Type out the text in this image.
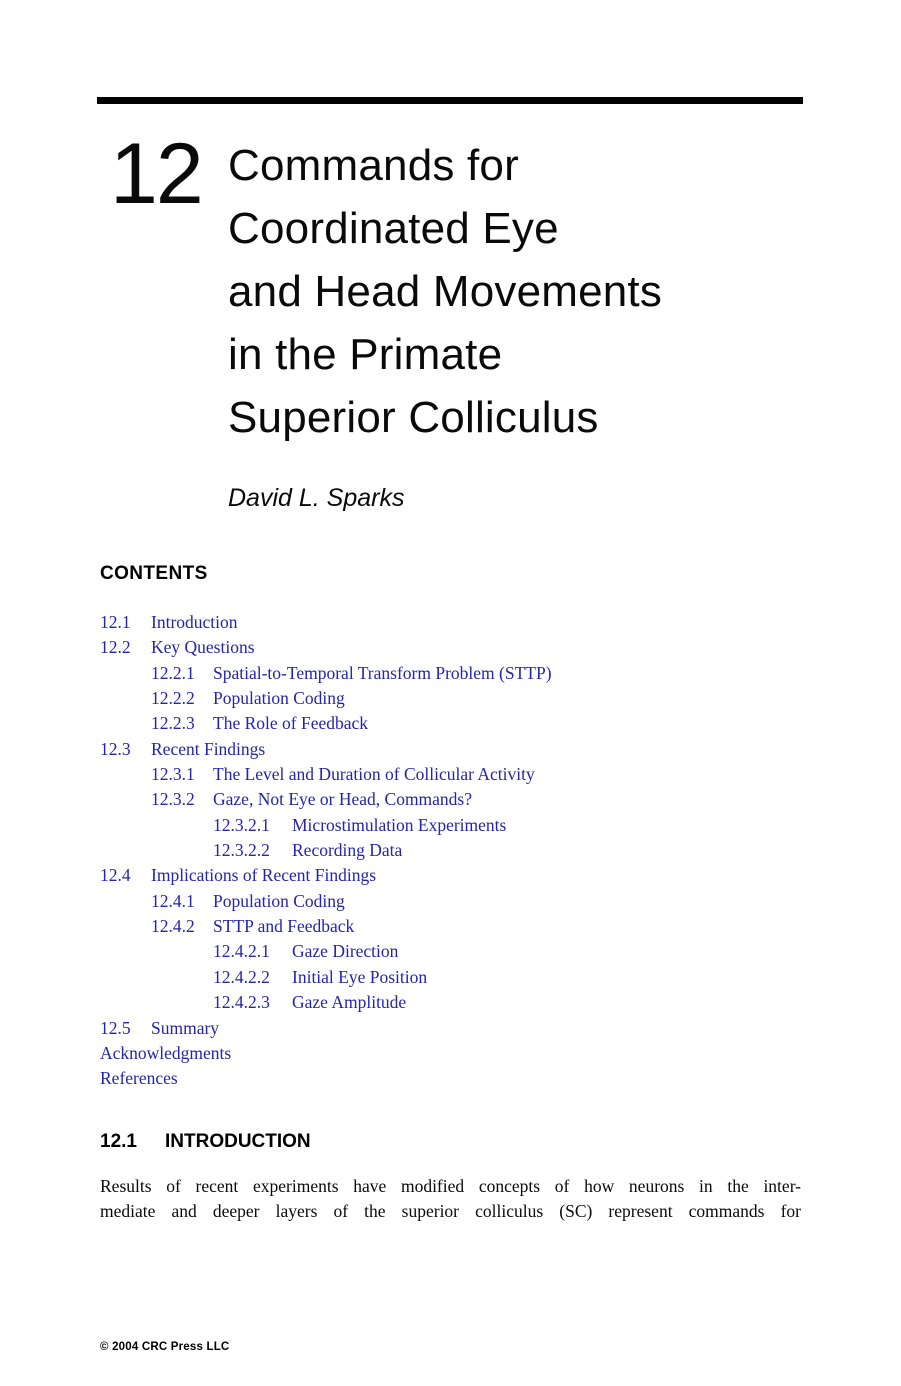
12 Commands for
Coordinated Eye
and Head Movements
in the Primate
Superior Colliculus
David L. Sparks
CONTENTS
12.1	Introduction
12.2	Key Questions
12.2.1	Spatial-to-Temporal Transform Problem (STTP)
12.2.2	Population Coding
12.2.3	The Role of Feedback
12.3	Recent Findings
12.3.1	The Level and Duration of Collicular Activity
12.3.2	Gaze, Not Eye or Head, Commands?
12.3.2.1	Microstimulation Experiments
12.3.2.2	Recording Data
12.4	Implications of Recent Findings
12.4.1	Population Coding
12.4.2	STTP and Feedback
12.4.2.1	Gaze Direction
12.4.2.2	Initial Eye Position
12.4.2.3	Gaze Amplitude
12.5	Summary
Acknowledgments
References
12.1	INTRODUCTION
Results of recent experiments have modified concepts of how neurons in the inter-
mediate and deeper layers of the superior colliculus (SC) represent commands for
© 2004 CRC Press LLC
